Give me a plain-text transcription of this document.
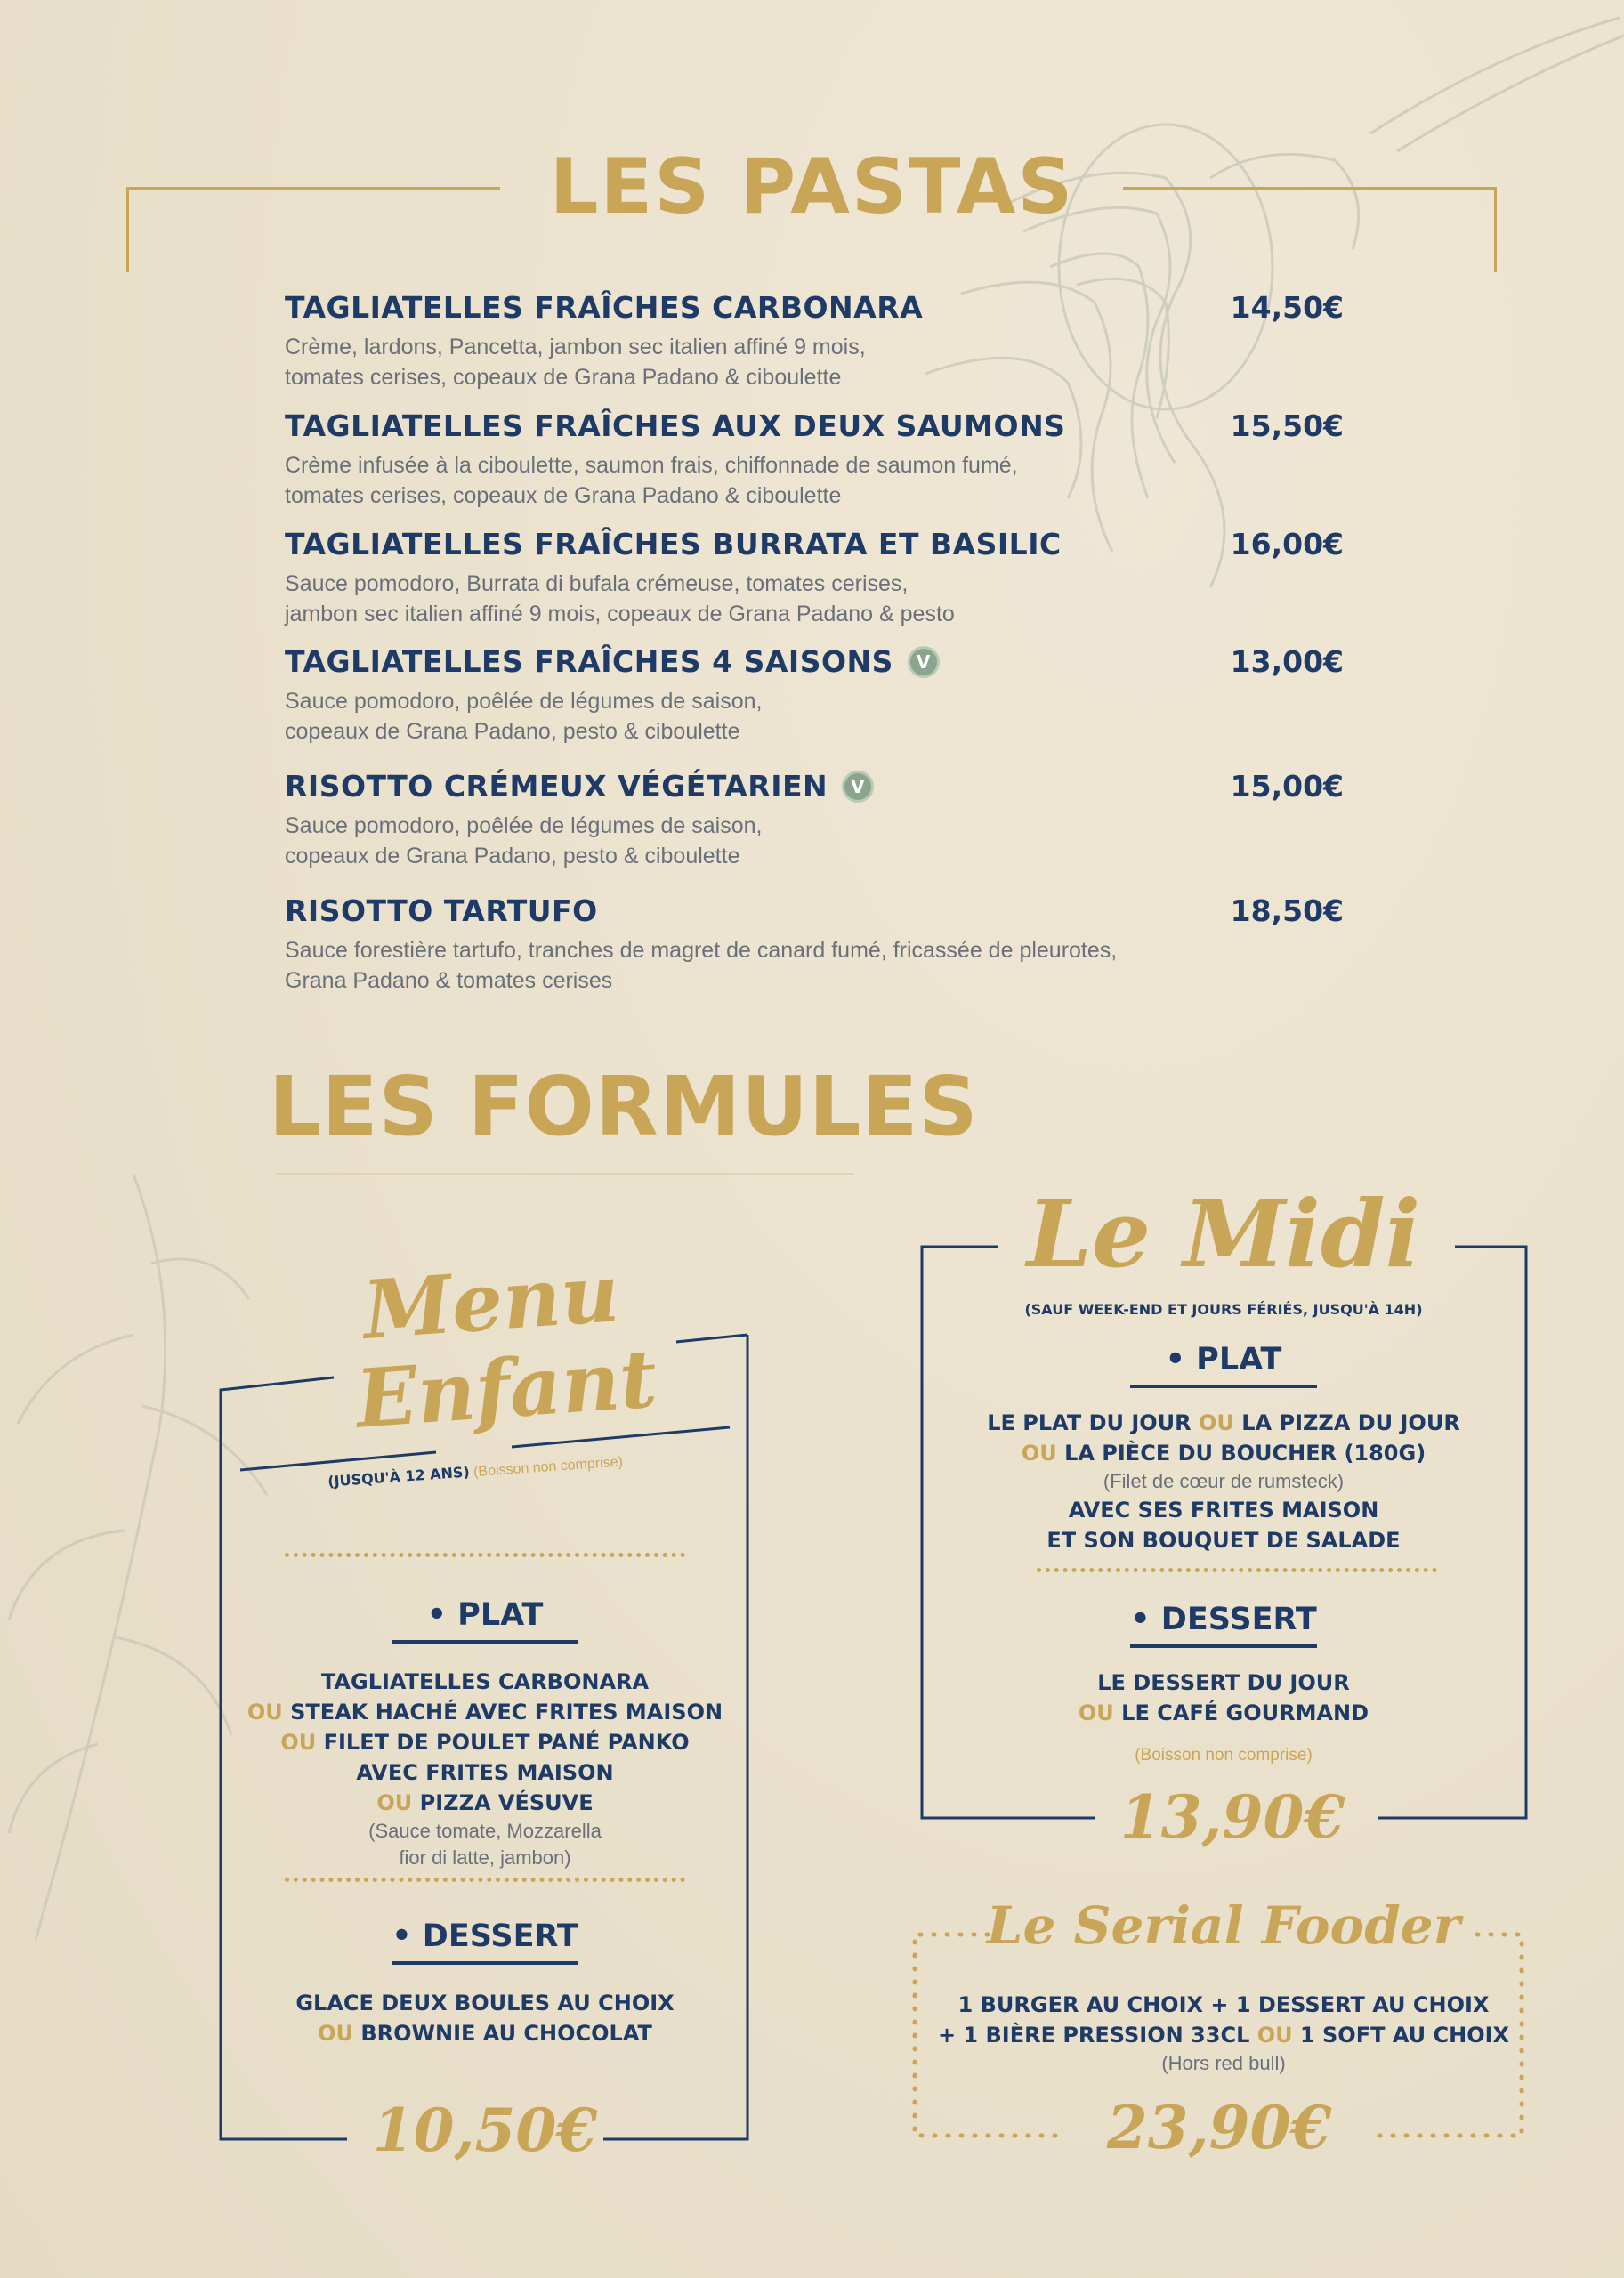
LES PASTAS
TAGLIATELLES FRAÎCHES CARBONARA	14,50€
Crème, lardons, Pancetta, jambon sec italien affiné 9 mois,
tomates cerises, copeaux de Grana Padano & ciboulette
TAGLIATELLES FRAÎCHES AUX DEUX SAUMONS	15,50€
Crème infusée à la ciboulette, saumon frais, chiffonnade de saumon fumé,
tomates cerises, copeaux de Grana Padano & ciboulette
TAGLIATELLES FRAÎCHES BURRATA ET BASILIC	16,00€
Sauce pomodoro, Burrata di bufala crémeuse, tomates cerises,
jambon sec italien affiné 9 mois, copeaux de Grana Padano & pesto
TAGLIATELLES FRAÎCHES 4 SAISONS	V	13,00€
Sauce pomodoro, poêlée de légumes de saison,
copeaux de Grana Padano, pesto & ciboulette
RISOTTO CRÉMEUX VÉGÉTARIEN	V	15,00€
Sauce pomodoro, poêlée de légumes de saison,
copeaux de Grana Padano, pesto & ciboulette
RISOTTO TARTUFO	18,50€
Sauce forestière tartufo, tranches de magret de canard fumé, fricassée de pleurotes,
Grana Padano & tomates cerises
LES FORMULES
Menu
Enfant
(JUSQU'À 12 ANS) (Boisson non comprise)
• PLAT
TAGLIATELLES CARBONARA
OU STEAK HACHÉ AVEC FRITES MAISON
OU FILET DE POULET PANÉ PANKO
AVEC FRITES MAISON
OU PIZZA VÉSUVE
(Sauce tomate, Mozzarella
fior di latte, jambon)
• DESSERT
GLACE DEUX BOULES AU CHOIX
OU BROWNIE AU CHOCOLAT
10,50€
Le Midi
(SAUF WEEK-END ET JOURS FÉRIÉS, JUSQU'À 14H)
• PLAT
LE PLAT DU JOUR OU LA PIZZA DU JOUR
OU LA PIÈCE DU BOUCHER (180G)
(Filet de cœur de rumsteck)
AVEC SES FRITES MAISON
ET SON BOUQUET DE SALADE
• DESSERT
LE DESSERT DU JOUR
OU LE CAFÉ GOURMAND
(Boisson non comprise)
13,90€
Le Serial Fooder
1 BURGER AU CHOIX + 1 DESSERT AU CHOIX
+ 1 BIÈRE PRESSION 33CL OU 1 SOFT AU CHOIX
(Hors red bull)
23,90€
